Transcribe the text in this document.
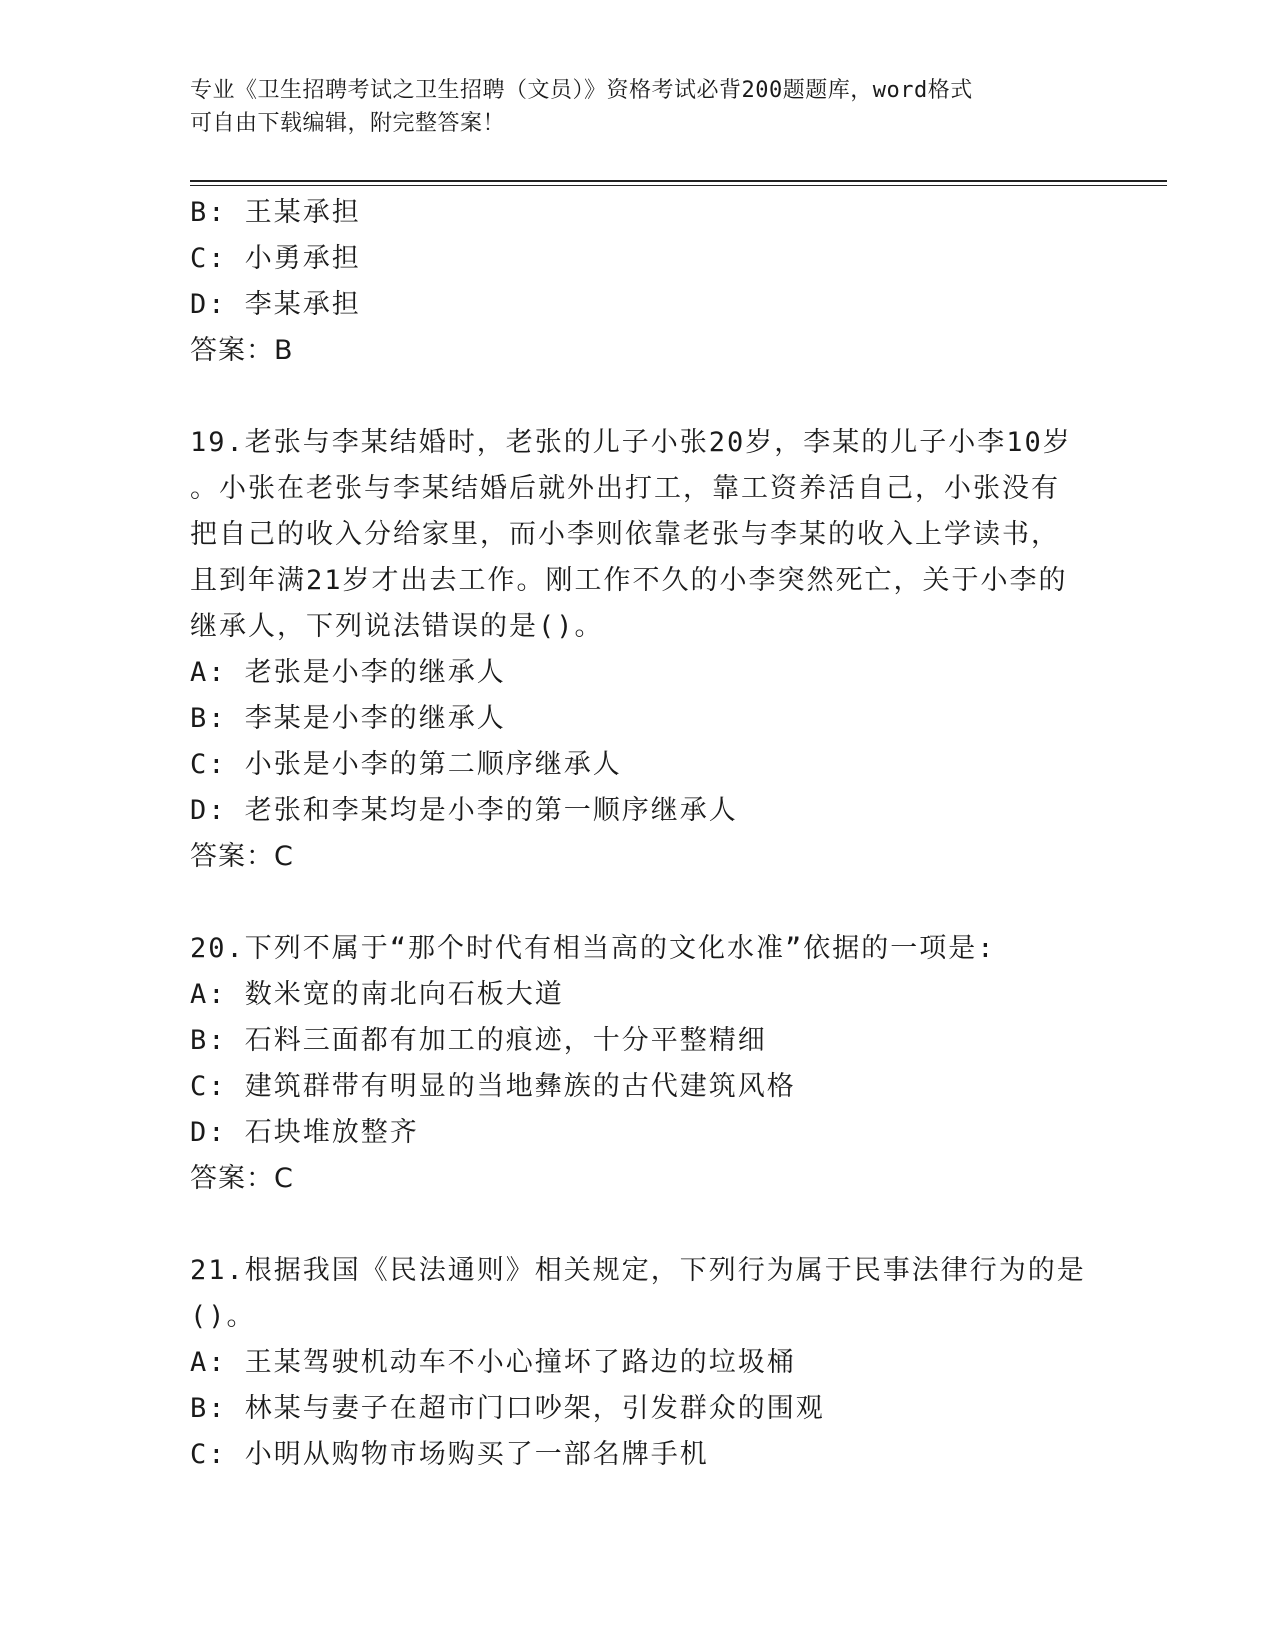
专业《卫生招聘考试之卫生招聘（文员）》资格考试必背200题题库，word格式
可自由下载编辑，附完整答案！
B: 王某承担
C: 小勇承担
D: 李某承担
答案：B
19.老张与李某结婚时，老张的儿子小张20岁，李某的儿子小李10岁
。小张在老张与李某结婚后就外出打工，靠工资养活自己，小张没有
把自己的收入分给家里，而小李则依靠老张与李某的收入上学读书，
且到年满21岁才出去工作。刚工作不久的小李突然死亡，关于小李的
继承人，下列说法错误的是()。
A: 老张是小李的继承人
B: 李某是小李的继承人
C: 小张是小李的第二顺序继承人
D: 老张和李某均是小李的第一顺序继承人
答案：C
20.下列不属于“那个时代有相当高的文化水准”依据的一项是:
A: 数米宽的南北向石板大道
B: 石料三面都有加工的痕迹，十分平整精细
C: 建筑群带有明显的当地彝族的古代建筑风格
D: 石块堆放整齐
答案：C
21.根据我国《民法通则》相关规定，下列行为属于民事法律行为的是
()。
A: 王某驾驶机动车不小心撞坏了路边的垃圾桶
B: 林某与妻子在超市门口吵架，引发群众的围观
C: 小明从购物市场购买了一部名牌手机
